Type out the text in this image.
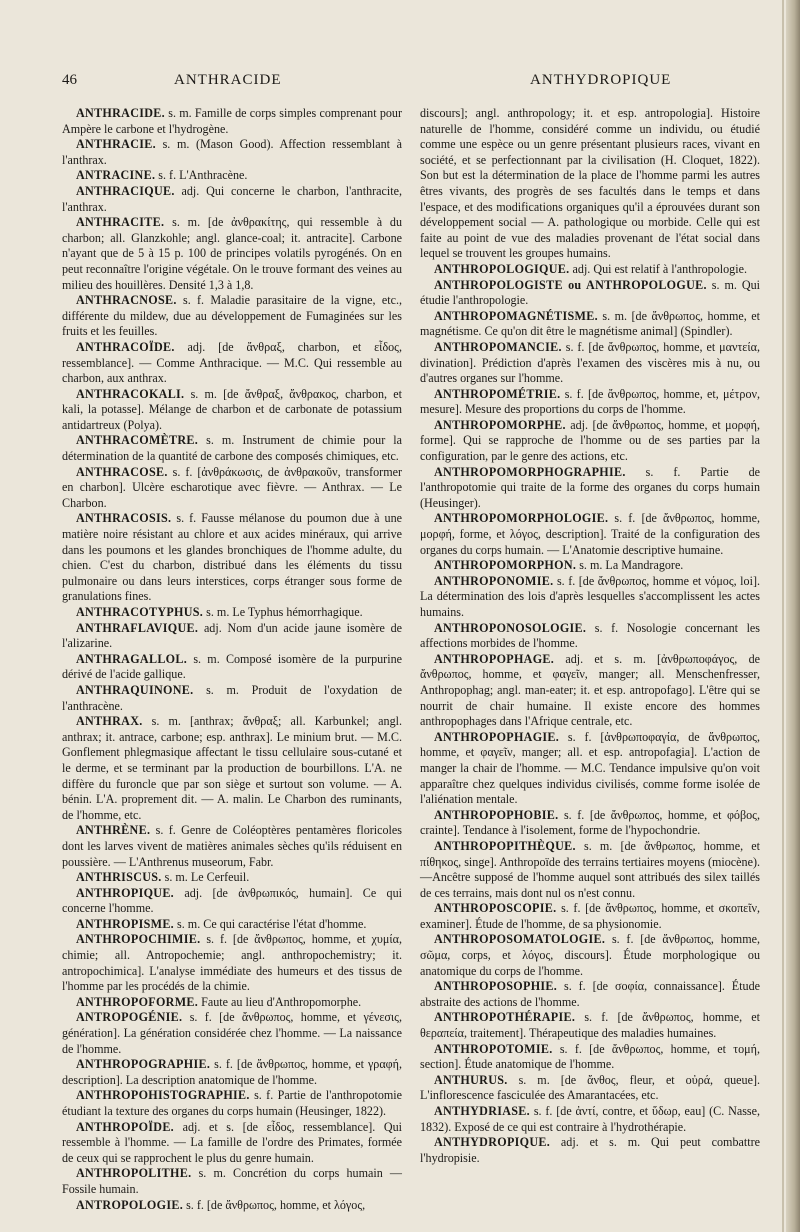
46	ANTHRACIDE	ANTHYDROPIQUE

ANTHRACIDE. s. m. Famille de corps simples comprenant pour Ampère le carbone et l'hydrogène.

ANTHRACIE. s. m. (Mason Good). Affection ressemblant à l'anthrax.

ANTRACINE. s. f. L'Anthracène.

ANTHRACIQUE. adj. Qui concerne le charbon, l'anthracite, l'anthrax.

ANTHRACITE. s. m. [de ἀνθρακίτης, qui ressemble à du charbon; all. Glanzkohle; angl. glance-coal; it. antracite]. Carbone n'ayant que de 5 à 15 p. 100 de principes volatils pyrogénés. On en peut reconnaître l'origine végétale. On le trouve formant des veines au milieu des houillères. Densité 1,3 à 1,8.

ANTHRACNOSE. s. f. Maladie parasitaire de la vigne, etc., différente du mildew, due au développement de Fumaginées sur les fruits et les feuilles.

ANTHRACOÏDE. adj. [de ἄνθραξ, charbon, et εἶδος, ressemblance]. — Comme Anthracique. — M.C. Qui ressemble au charbon, aux anthrax.

ANTHRACOKALI. s. m. [de ἄνθραξ, ἄνθρακος, charbon, et kali, la potasse]. Mélange de charbon et de carbonate de potassium antidartreux (Polya).

ANTHRACOMÈTRE. s. m. Instrument de chimie pour la détermination de la quantité de carbone des composés chimiques, etc.

ANTHRACOSE. s. f. [ἀνθράκωσις, de ἀνθρακοῦν, transformer en charbon]. Ulcère escharotique avec fièvre. — Anthrax. — Le Charbon.

ANTHRACOSIS. s. f. Fausse mélanose du poumon due à une matière noire résistant au chlore et aux acides minéraux, qui arrive dans les poumons et les glandes bronchiques de l'homme adulte, du chien. C'est du charbon, distribué dans les éléments du tissu pulmonaire ou dans leurs interstices, corps étranger sous forme de granulations fines.

ANTHRACOTYPHUS. s. m. Le Typhus hémorrhagique.

ANTHRAFLAVIQUE. adj. Nom d'un acide jaune isomère de l'alizarine.

ANTHRAGALLOL. s. m. Composé isomère de la purpurine dérivé de l'acide gallique.

ANTHRAQUINONE. s. m. Produit de l'oxydation de l'anthracène.

ANTHRAX. s. m. [anthrax; ἄνθραξ; all. Karbunkel; angl. anthrax; it. antrace, carbone; esp. anthrax]. Le minium brut. — M.C. Gonflement phlegmasique affectant le tissu cellulaire sous-cutané et le derme, et se terminant par la production de bourbillons. L'A. ne diffère du furoncle que par son siège et surtout son volume. — A. bénin. L'A. proprement dit. — A. malin. Le Charbon des ruminants, de l'homme, etc.

ANTHRÈNE. s. f. Genre de Coléoptères pentamères floricoles dont les larves vivent de matières animales sèches qu'ils réduisent en poussière. — L'Anthrenus museorum, Fabr.

ANTHRISCUS. s. m. Le Cerfeuil.

ANTHROPIQUE. adj. [de ἀνθρωπικός, humain]. Ce qui concerne l'homme.

ANTHROPISME. s. m. Ce qui caractérise l'état d'homme.

ANTHROPOCHIMIE. s. f. [de ἄνθρωπος, homme, et χυμία, chimie; all. Antropochemie; angl. anthropochemistry; it. antropochimica]. L'analyse immédiate des humeurs et des tissus de l'homme par les procédés de la chimie.

ANTHROPOFORME. Faute au lieu d'Anthropomorphe.

ANTROPOGÉNIE. s. f. [de ἄνθρωπος, homme, et γένεσις, génération]. La génération considérée chez l'homme. — La naissance de l'homme.

ANTHROPOGRAPHIE. s. f. [de ἄνθρωπος, homme, et γραφή, description]. La description anatomique de l'homme.

ANTHROPOHISTOGRAPHIE. s. f. Partie de l'anthropotomie étudiant la texture des organes du corps humain (Heusinger, 1822).

ANTHROPOÏDE. adj. et s. [de εἶδος, ressemblance]. Qui ressemble à l'homme. — La famille de l'ordre des Primates, formée de ceux qui se rapprochent le plus du genre humain.

ANTHROPOLITHE. s. m. Concrétion du corps humain — Fossile humain.

ANTROPOLOGIE. s. f. [de ἄνθρωπος, homme, et λόγος,

discours]; angl. anthropology; it. et esp. antropologia]. Histoire naturelle de l'homme, considéré comme un individu, ou étudié comme une espèce ou un genre présentant plusieurs races, vivant en société, et se perfectionnant par la civilisation (H. Cloquet, 1822). Son but est la détermination de la place de l'homme parmi les autres êtres vivants, des progrès de ses facultés dans le temps et dans l'espace, et des modifications organiques qu'il a éprouvées durant son développement social — A. pathologique ou morbide. Celle qui est faite au point de vue des maladies provenant de l'état social dans lequel se trouvent les groupes humains.

ANTHROPOLOGIQUE. adj. Qui est relatif à l'anthropologie.

ANTHROPOLOGISTE ou ANTHROPOLOGUE. s. m. Qui étudie l'anthropologie.

ANTHROPOMAGNÉTISME. s. m. [de ἄνθρωπος, homme, et magnétisme. Ce qu'on dit être le magnétisme animal] (Spindler).

ANTHROPOMANCIE. s. f. [de ἄνθρωπος, homme, et μαντεία, divination]. Prédiction d'après l'examen des viscères mis à nu, ou d'autres organes sur l'homme.

ANTHROPOMÉTRIE. s. f. [de ἄνθρωπος, homme, et, μέτρον, mesure]. Mesure des proportions du corps de l'homme.

ANTHROPOMORPHE. adj. [de ἄνθρωπος, homme, et μορφή, forme]. Qui se rapproche de l'homme ou de ses parties par la configuration, par le genre des actions, etc.

ANTHROPOMORPHOGRAPHIE. s. f. Partie de l'anthropotomie qui traite de la forme des organes du corps humain (Heusinger).

ANTHROPOMORPHOLOGIE. s. f. [de ἄνθρωπος, homme, μορφή, forme, et λόγος, description]. Traité de la configuration des organes du corps humain. — L'Anatomie descriptive humaine.

ANTHROPOMORPHON. s. m. La Mandragore.

ANTHROPONOMIE. s. f. [de ἄνθρωπος, homme et νόμος, loi]. La détermination des lois d'après lesquelles s'accomplissent les actes humains.

ANTHROPONOSOLOGIE. s. f. Nosologie concernant les affections morbides de l'homme.

ANTHROPOPHAGE. adj. et s. m. [ἀνθρωποφάγος, de ἄνθρωπος, homme, et φαγεῖν, manger; all. Menschenfresser, Anthropophag; angl. man-eater; it. et esp. antropofago]. L'être qui se nourrit de chair humaine. Il existe encore des hommes anthropophages dans l'Afrique centrale, etc.

ANTHROPOPHAGIE. s. f. [ἀνθρωποφαγία, de ἄνθρωπος, homme, et φαγεῖν, manger; all. et esp. antropofagia]. L'action de manger la chair de l'homme. — M.C. Tendance impulsive qu'on voit apparaître chez quelques individus civilisés, comme forme isolée de l'aliénation mentale.

ANTHROPOPHOBIE. s. f. [de ἄνθρωπος, homme, et φόβος, crainte]. Tendance à l'isolement, forme de l'hypochondrie.

ANTHROPOPITHÈQUE. s. m. [de ἄνθρωπος, homme, et πίθηκος, singe]. Anthropoïde des terrains tertiaires moyens (miocène). —Ancêtre supposé de l'homme auquel sont attribués des silex taillés de ces terrains, mais dont nul os n'est connu.

ANTHROPOSCOPIE. s. f. [de ἄνθρωπος, homme, et σκοπεῖν, examiner]. Étude de l'homme, de sa physionomie.

ANTHROPOSOMATOLOGIE. s. f. [de ἄνθρωπος, homme, σῶμα, corps, et λόγος, discours]. Étude morphologique ou anatomique du corps de l'homme.

ANTHROPOSOPHIE. s. f. [de σοφία, connaissance]. Étude abstraite des actions de l'homme.

ANTHROPOTHÉRAPIE. s. f. [de ἄνθρωπος, homme, et θεραπεία, traitement]. Thérapeutique des maladies humaines.

ANTHROPOTOMIE. s. f. [de ἄνθρωπος, homme, et τομή, section]. Étude anatomique de l'homme.

ANTHURUS. s. m. [de ἄνθος, fleur, et οὐρά, queue]. L'inflorescence fasciculée des Amarantacées, etc.

ANTHYDRIASE. s. f. [de ἀντί, contre, et ὕδωρ, eau] (C. Nasse, 1832). Exposé de ce qui est contraire à l'hydrothérapie.

ANTHYDROPIQUE. adj. et s. m. Qui peut combattre l'hydropisie.
